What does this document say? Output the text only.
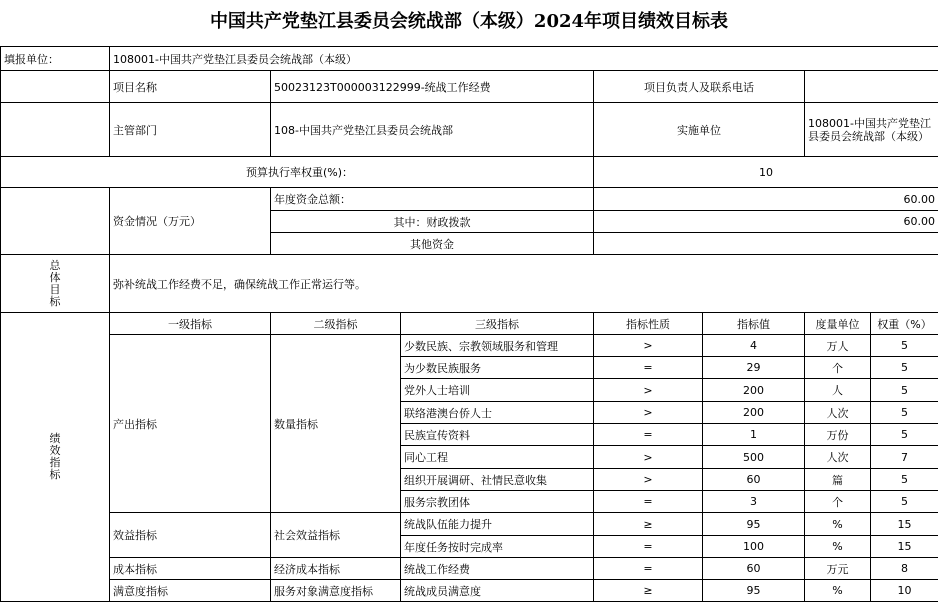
中国共产党垫江县委员会统战部（本级）2024年项目绩效目标表
填报单位：	108001-中国共产党垫江县委员会统战部（本级）
	项目名称	50023123T000003122999-统战工作经费		项目负责人及联系电话			
	主管部门	108-中国共产党垫江县委员会统战部		实施单位		108001-中国共产党垫江县委员会统战部（本级）	
预算执行率权重(%)：				10			
	资金情况（万元）	年度资金总额：		60.00			
		其中：财政拨款		60.00			
		其他资金					

总体目标	弥补统战工作经费不足，确保统战工作正常运行等。						

绩效指标	一级指标	二级指标	三级指标	指标性质	指标值	度量单位	权重（%）
	产出指标	数量指标	少数民族、宗教领域服务和管理	>	4	万人	5
			为少数民族服务	=	29	个	5
			党外人士培训	>	200	人	5
			联络港澳台侨人士	>	200	人次	5
			民族宣传资料	=	1	万份	5
			同心工程	>	500	人次	7
			组织开展调研、社情民意收集	>	60	篇	5
			服务宗教团体	=	3	个	5
	效益指标	社会效益指标	统战队伍能力提升	≥	95	%	15
			年度任务按时完成率	=	100	%	15
	成本指标	经济成本指标	统战工作经费	=	60	万元	8
	满意度指标	服务对象满意度指标	统战成员满意度	≥	95	%	10
